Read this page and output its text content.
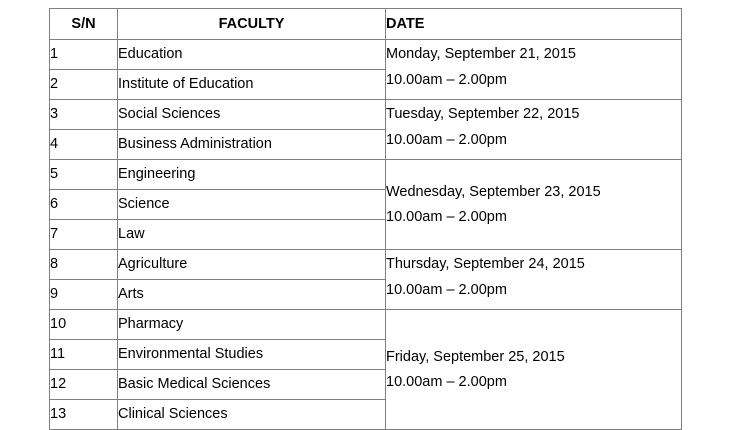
S/N	FACULTY	DATE
1	Education	Monday, September 21, 2015
10.00am – 2.00pm

2	Institute of Education	
3	Social Sciences	Tuesday, September 22, 2015
10.00am – 2.00pm

4	Business Administration	
5	Engineering	Wednesday, September 23, 2015
10.00am – 2.00pm

6	Science	
7	Law	
8	Agriculture	Thursday, September 24, 2015
10.00am – 2.00pm

9	Arts	
10	Pharmacy	Friday, September 25, 2015
10.00am – 2.00pm

11	Environmental Studies	
12	Basic Medical Sciences	
13	Clinical Sciences	
